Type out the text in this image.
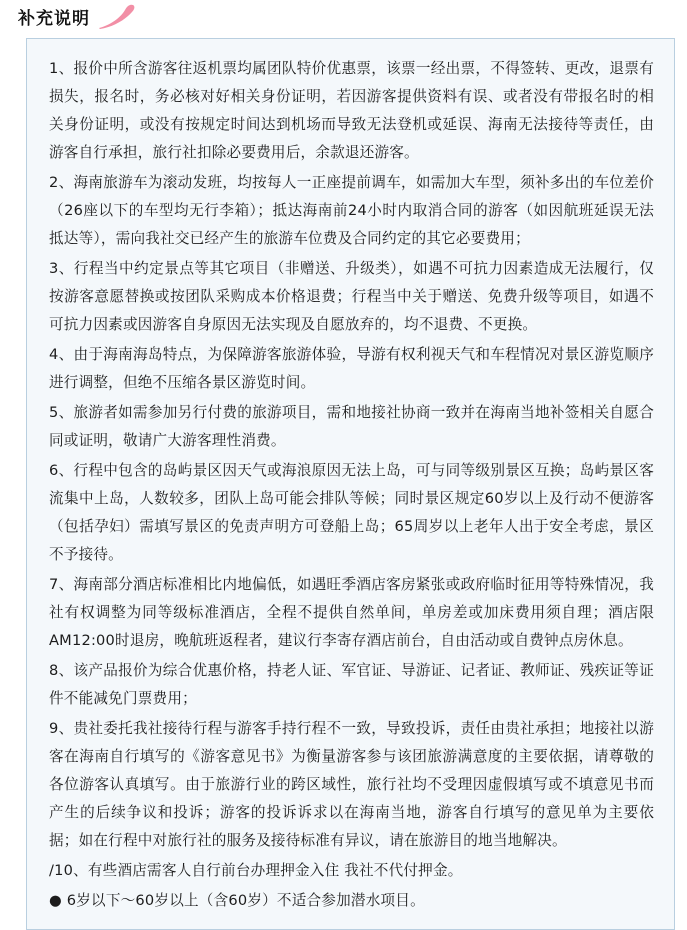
补充说明

1、报价中所含游客往返机票均属团队特价优惠票，该票一经出票，不得签转、更改，退票有损失，报名时，务必核对好相关身份证明，若因游客提供资料有误、或者没有带报名时的相关身份证明，或没有按规定时间达到机场而导致无法登机或延误、海南无法接待等责任，由游客自行承担，旅行社扣除必要费用后，余款退还游客。

2、海南旅游车为滚动发班，均按每人一正座提前调车，如需加大车型，须补多出的车位差价（26座以下的车型均无行李箱）；抵达海南前24小时内取消合同的游客（如因航班延误无法抵达等），需向我社交已经产生的旅游车位费及合同约定的其它必要费用；

3、行程当中约定景点等其它项目（非赠送、升级类），如遇不可抗力因素造成无法履行，仅按游客意愿替换或按团队采购成本价格退费；行程当中关于赠送、免费升级等项目，如遇不可抗力因素或因游客自身原因无法实现及自愿放弃的，均不退费、不更换。

4、由于海南海岛特点，为保障游客旅游体验，导游有权利视天气和车程情况对景区游览顺序进行调整，但绝不压缩各景区游览时间。

5、旅游者如需参加另行付费的旅游项目，需和地接社协商一致并在海南当地补签相关自愿合同或证明，敬请广大游客理性消费。

6、行程中包含的岛屿景区因天气或海浪原因无法上岛，可与同等级别景区互换；岛屿景区客流集中上岛，人数较多，团队上岛可能会排队等候；同时景区规定60岁以上及行动不便游客（包括孕妇）需填写景区的免责声明方可登船上岛；65周岁以上老年人出于安全考虑，景区不予接待。

7、海南部分酒店标准相比内地偏低，如遇旺季酒店客房紧张或政府临时征用等特殊情况，我社有权调整为同等级标准酒店，全程不提供自然单间，单房差或加床费用须自理；酒店限AM12:00时退房，晚航班返程者，建议行李寄存酒店前台，自由活动或自费钟点房休息。

8、该产品报价为综合优惠价格，持老人证、军官证、导游证、记者证、教师证、残疾证等证件不能减免门票费用；

9、贵社委托我社接待行程与游客手持行程不一致，导致投诉，责任由贵社承担；地接社以游客在海南自行填写的《游客意见书》为衡量游客参与该团旅游满意度的主要依据，请尊敬的各位游客认真填写。由于旅游行业的跨区域性，旅行社均不受理因虚假填写或不填意见书而产生的后续争议和投诉；游客的投诉诉求以在海南当地，游客自行填写的意见单为主要依据；如在行程中对旅行社的服务及接待标准有异议，请在旅游目的地当地解决。

/10、有些酒店需客人自行前台办理押金入住 我社不代付押金。

● 6岁以下～60岁以上（含60岁）不适合参加潜水项目。
